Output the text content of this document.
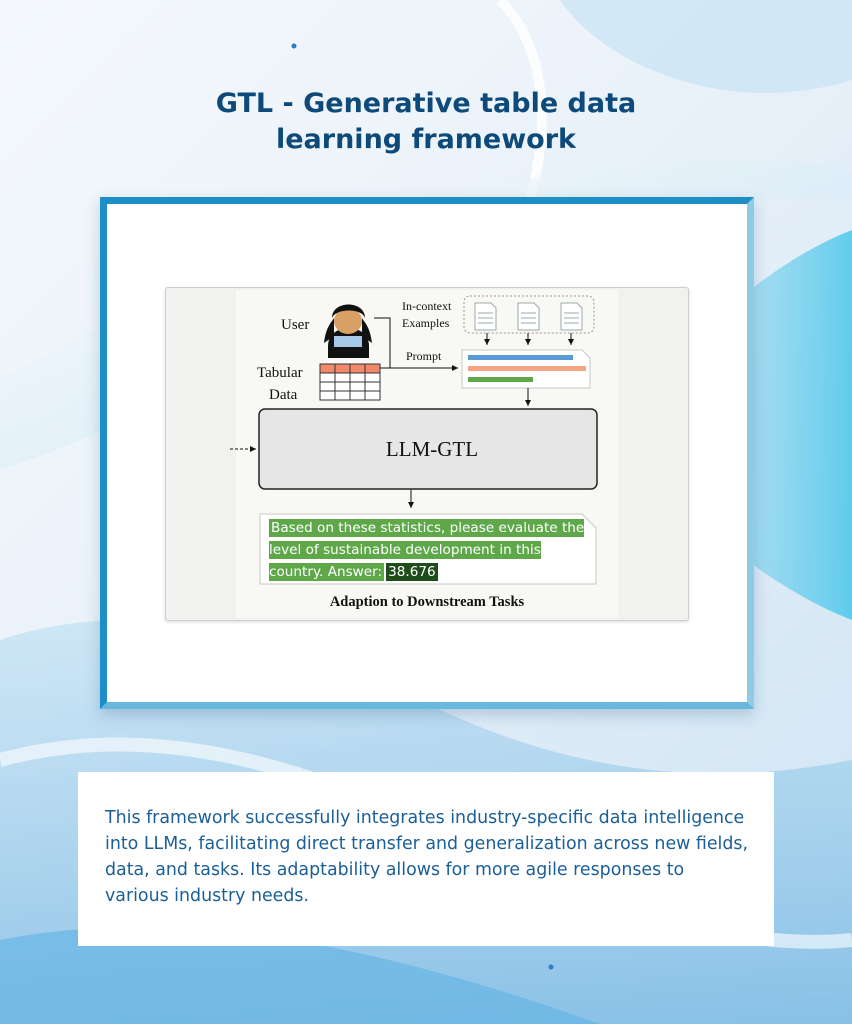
GTL - Generative table data
learning framework
User
In-context
Examples
Prompt
Tabular
Data
LLM-GTL
Based on these statistics, please evaluate the level of sustainable development in this country. Answer: 38.676
Adaption to Downstream Tasks

This framework successfully integrates industry-specific data intelligence into LLMs, facilitating direct transfer and generalization across new fields, data, and tasks. Its adaptability allows for more agile responses to various industry needs.
